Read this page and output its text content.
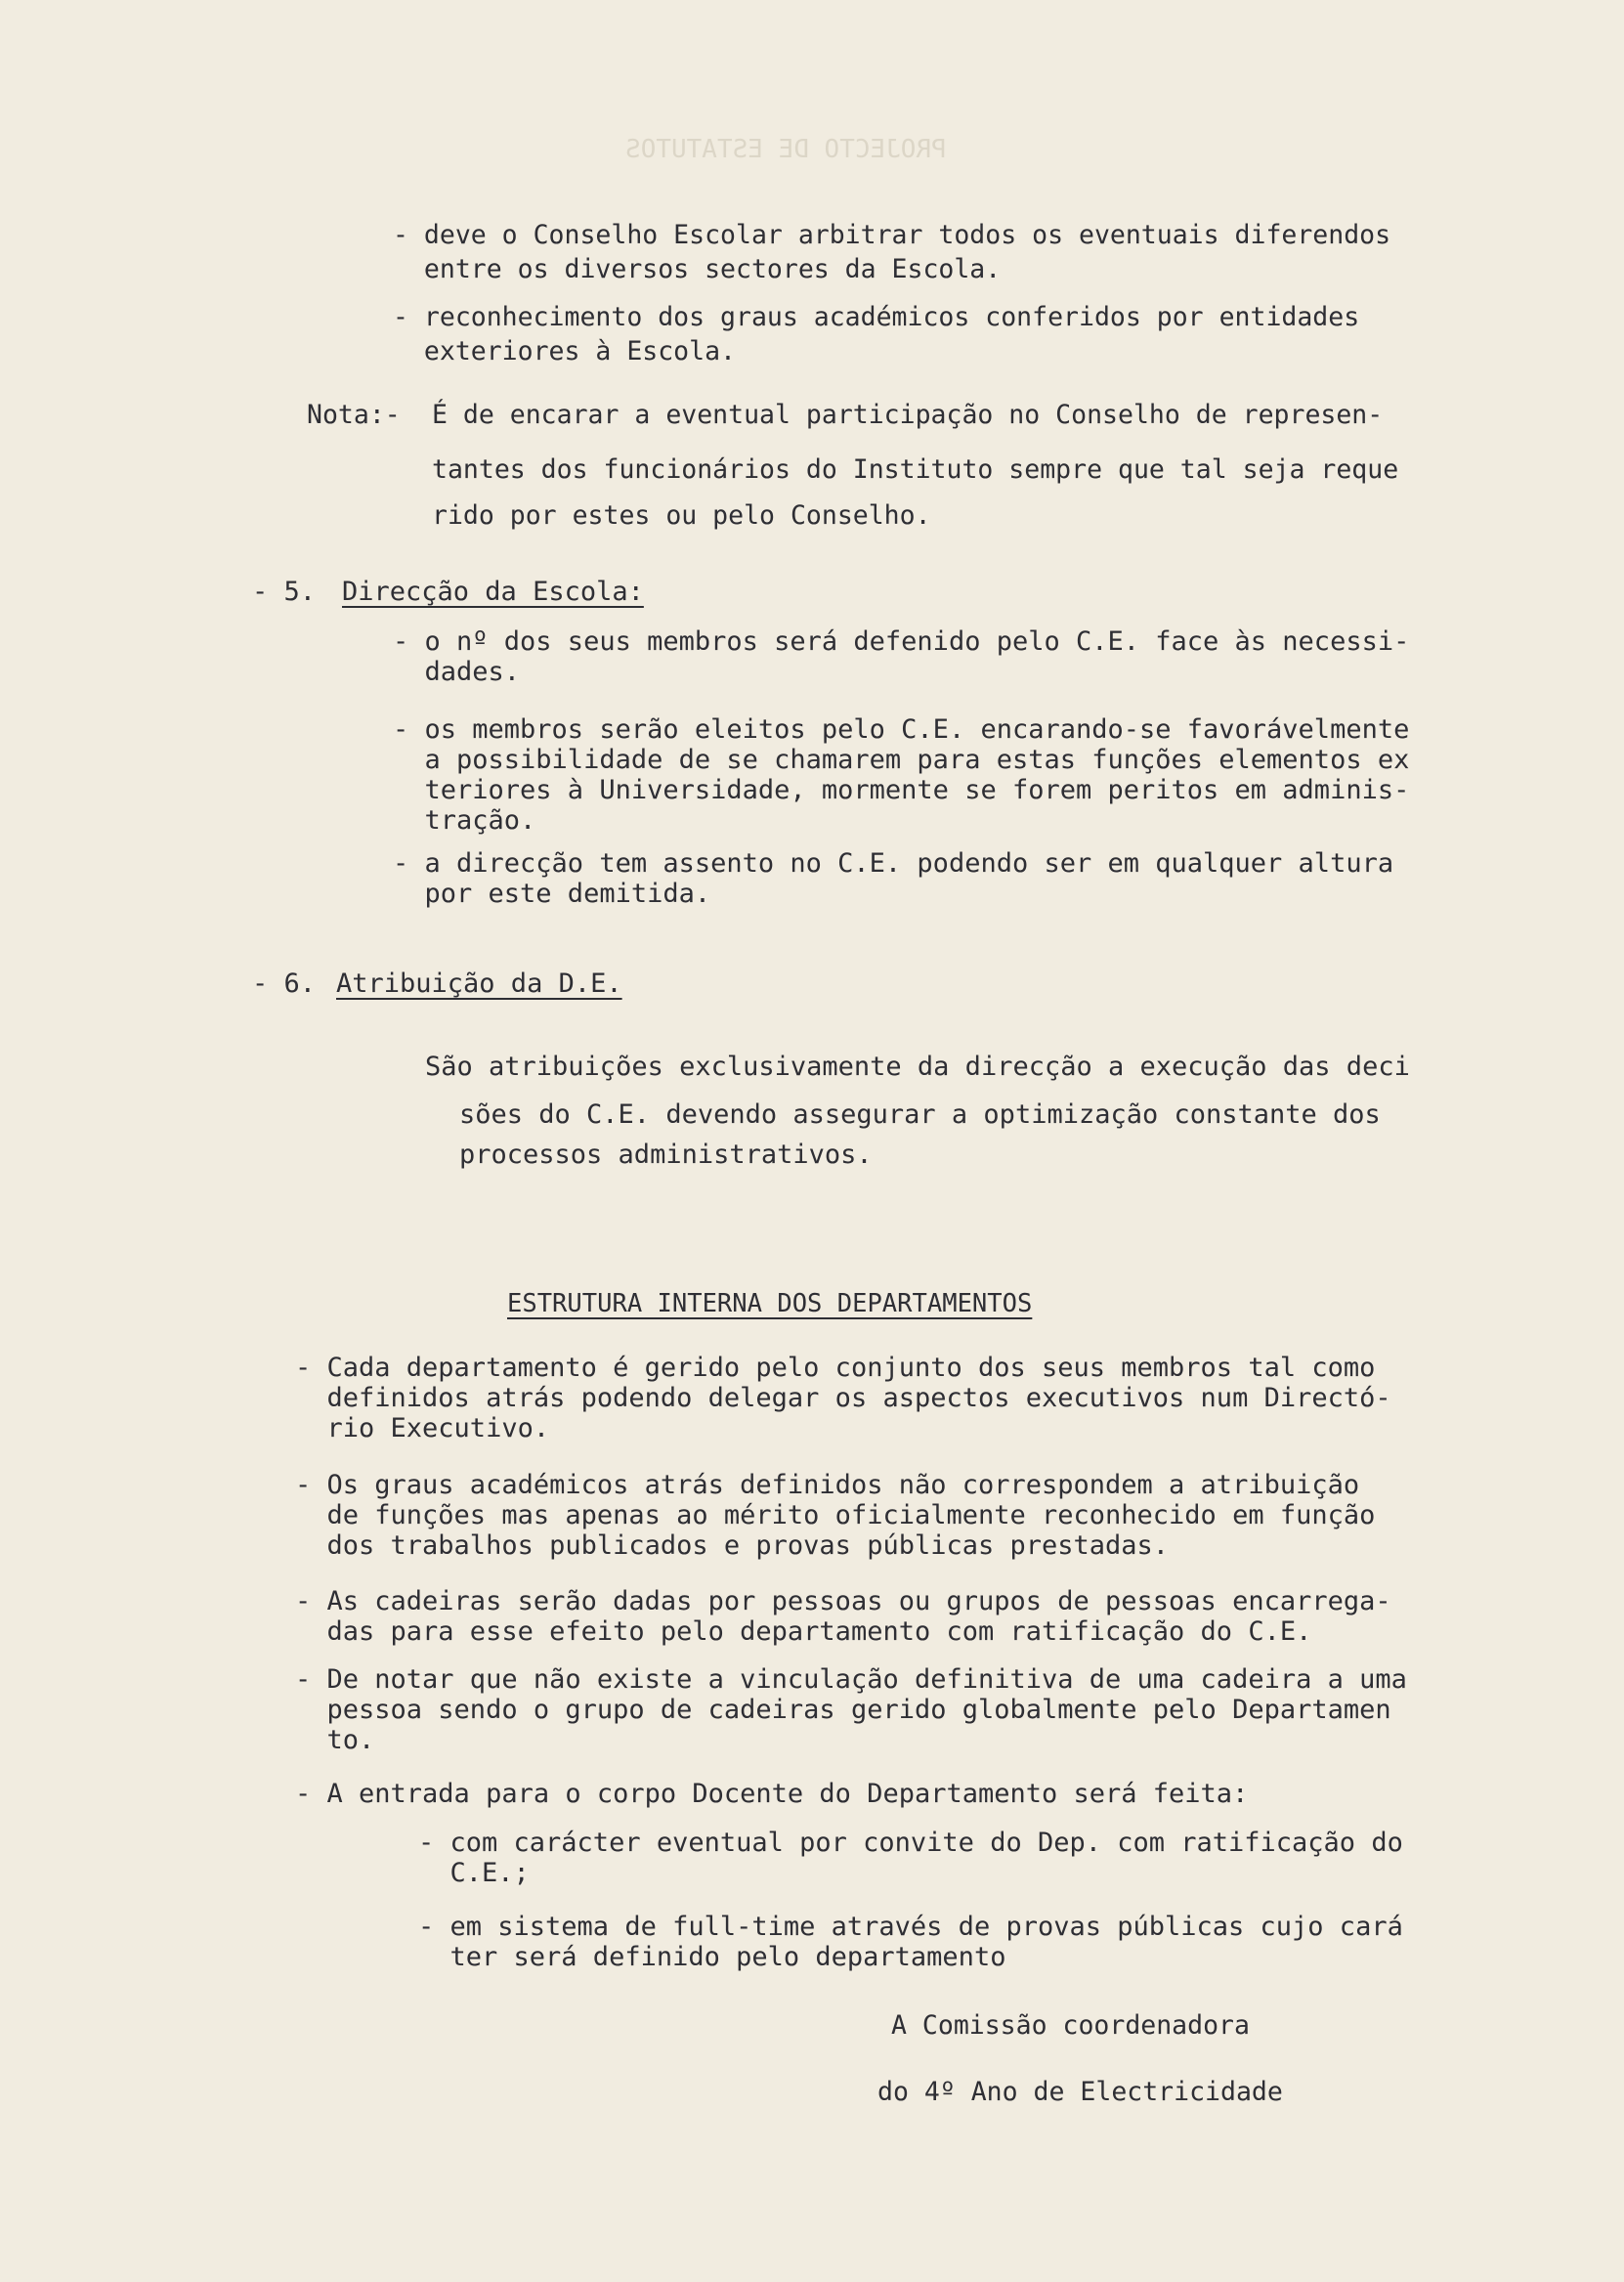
PROJECTO DE ESTATUTOS
- deve o Conselho Escolar arbitrar todos os eventuais diferendos
entre os diversos sectores da Escola.
- reconhecimento dos graus académicos conferidos por entidades
exteriores à Escola.
Nota:- É de encarar a eventual participação no Conselho de represen-
tantes dos funcionários do Instituto sempre que tal seja reque
rido por estes ou pelo Conselho.
- 5. Direcção da Escola:
- o nº dos seus membros será defenido pelo C.E. face às necessi-
dades.
- os membros serão eleitos pelo C.E. encarando-se favorávelmente
a possibilidade de se chamarem para estas funções elementos ex
teriores à Universidade, mormente se forem peritos em adminis-
tração.
- a direcção tem assento no C.E. podendo ser em qualquer altura
por este demitida.
- 6. Atribuição da D.E.
São atribuições exclusivamente da direcção a execução das deci
sões do C.E. devendo assegurar a optimização constante dos
processos administrativos.
ESTRUTURA INTERNA DOS DEPARTAMENTOS
- Cada departamento é gerido pelo conjunto dos seus membros tal como
definidos atrás podendo delegar os aspectos executivos num Directó-
rio Executivo.
- Os graus académicos atrás definidos não correspondem a atribuição
de funções mas apenas ao mérito oficialmente reconhecido em função
dos trabalhos publicados e provas públicas prestadas.
- As cadeiras serão dadas por pessoas ou grupos de pessoas encarrega-
das para esse efeito pelo departamento com ratificação do C.E.
- De notar que não existe a vinculação definitiva de uma cadeira a uma
pessoa sendo o grupo de cadeiras gerido globalmente pelo Departamen
to.
- A entrada para o corpo Docente do Departamento será feita:
- com carácter eventual por convite do Dep. com ratificação do
C.E.;
- em sistema de full-time através de provas públicas cujo cará
ter será definido pelo departamento
A Comissão coordenadora
do 4º Ano de Electricidade
